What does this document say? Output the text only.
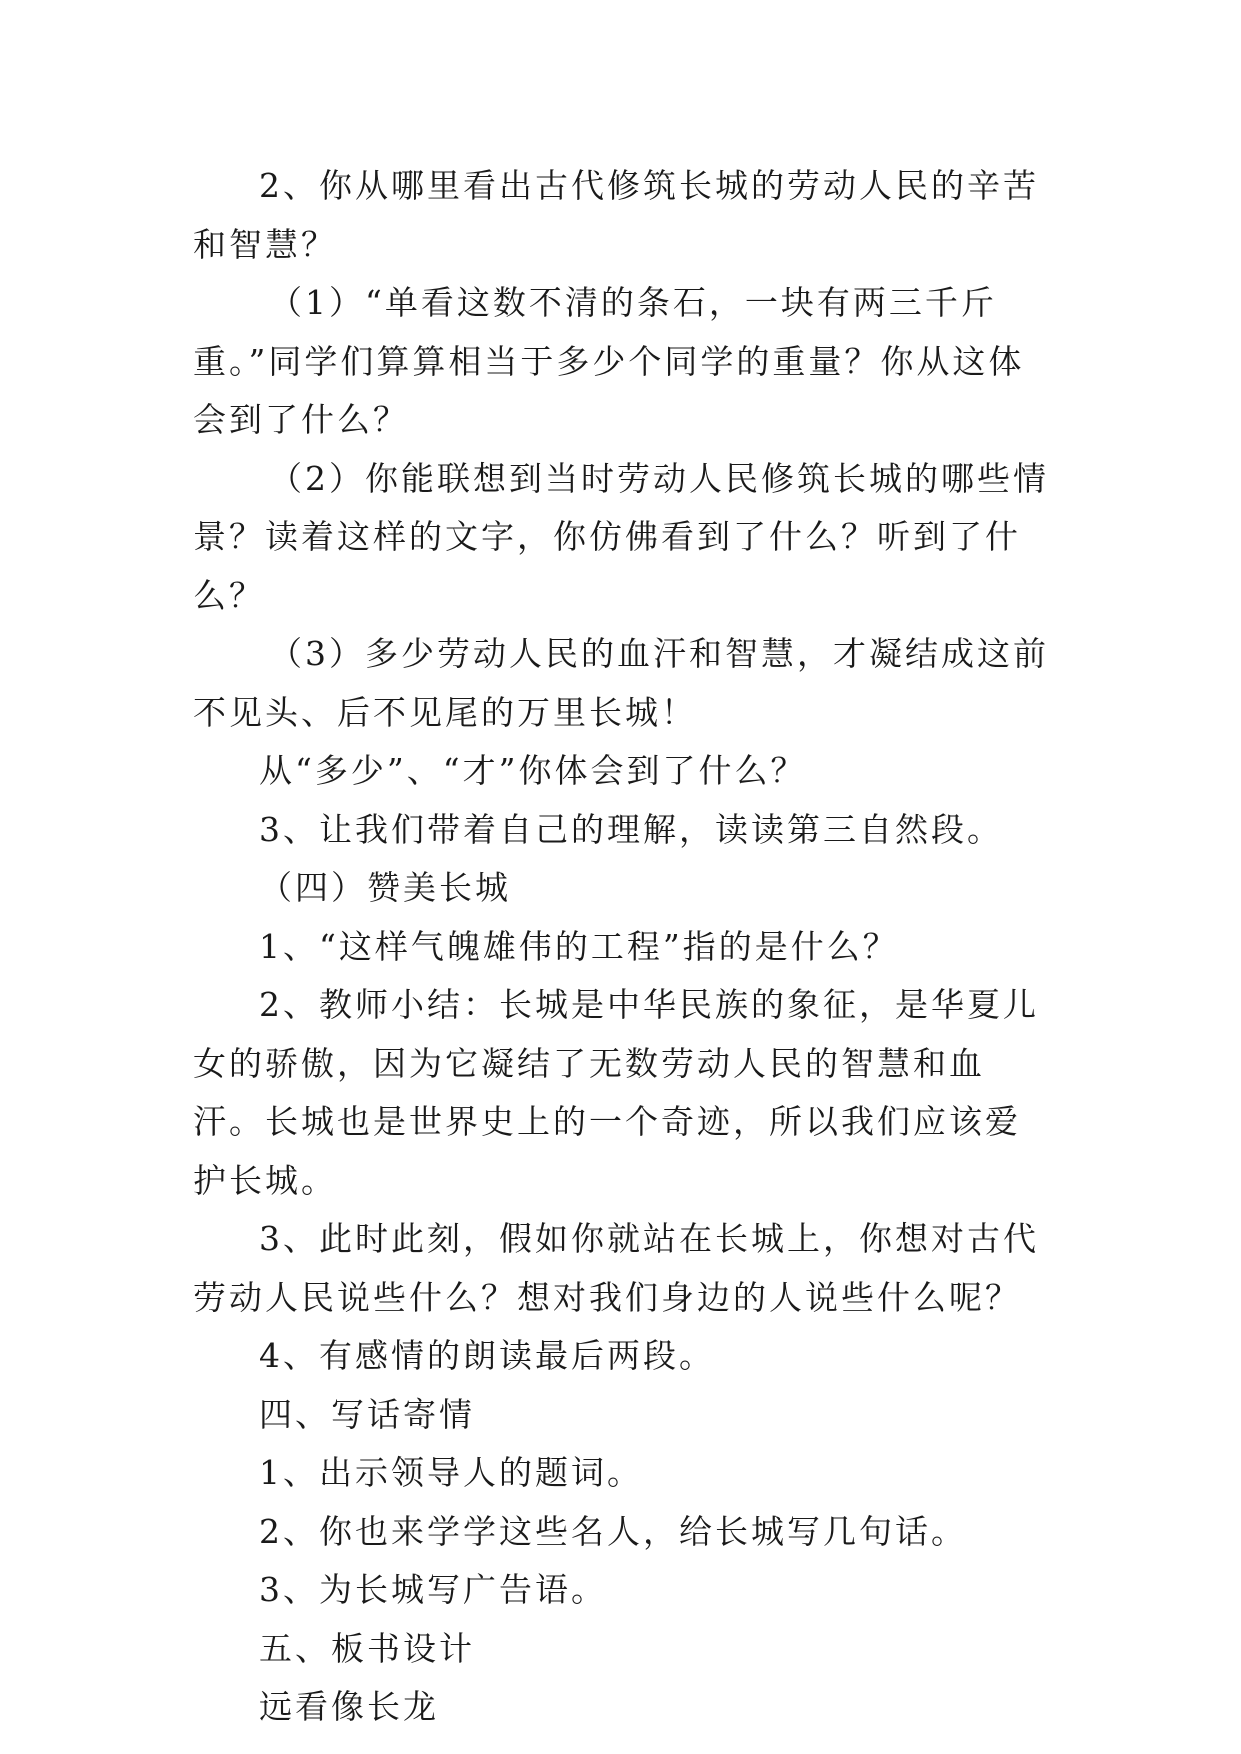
2、你从哪里看出古代修筑长城的劳动人民的辛苦和智慧？

（1）“单看这数不清的条石，一块有两三千斤重。”同学们算算相当于多少个同学的重量？你从这体会到了什么？

（2）你能联想到当时劳动人民修筑长城的哪些情景？读着这样的文字，你仿佛看到了什么？听到了什么？

（3）多少劳动人民的血汗和智慧，才凝结成这前不见头、后不见尾的万里长城！

从“多少”、“才”你体会到了什么？

3、让我们带着自己的理解，读读第三自然段。

（四）赞美长城

1、“这样气魄雄伟的工程”指的是什么？

2、教师小结：长城是中华民族的象征，是华夏儿女的骄傲，因为它凝结了无数劳动人民的智慧和血汗。长城也是世界史上的一个奇迹，所以我们应该爱护长城。

3、此时此刻，假如你就站在长城上，你想对古代劳动人民说些什么？想对我们身边的人说些什么呢？

4、有感情的朗读最后两段。

四、写话寄情

1、出示领导人的题词。

2、你也来学学这些名人，给长城写几句话。

3、为长城写广告语。

五、板书设计

远看像长龙
